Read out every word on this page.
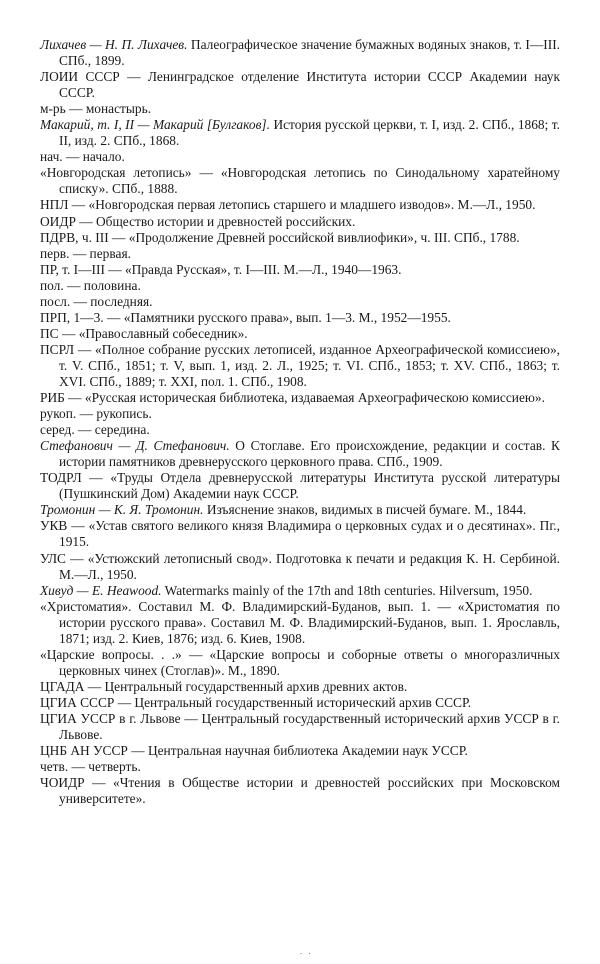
Лихачев — Н. П. Лихачев. Палеографическое значение бумажных водяных знаков, т. I—III. СПб., 1899.

ЛОИИ СССР — Ленинградское отделение Института истории СССР Академии наук СССР.

м-рь — монастырь.

Макарий, т. I, II — Макарий [Булгаков]. История русской церкви, т. I, изд. 2. СПб., 1868; т. II, изд. 2. СПб., 1868.

нач. — начало.

«Новгородская летопись» — «Новгородская летопись по Синодальному харатейному списку». СПб., 1888.

НПЛ — «Новгородская первая летопись старшего и младшего изводов». М.—Л., 1950.

ОИДР — Общество истории и древностей российских.

ПДРВ, ч. III — «Продолжение Древней российской вивлиофики», ч. III. СПб., 1788.

перв. — первая.

ПР, т. I—III — «Правда Русская», т. I—III. М.—Л., 1940—1963.

пол. — половина.

посл. — последняя.

ПРП, 1—3. — «Памятники русского права», вып. 1—3. М., 1952—1955.

ПС — «Православный собеседник».

ПСРЛ — «Полное собрание русских летописей, изданное Археографической комиссиею», т. V. СПб., 1851; т. V, вып. 1, изд. 2. Л., 1925; т. VI. СПб., 1853; т. XV. СПб., 1863; т. XVI. СПб., 1889; т. XXI, пол. 1. СПб., 1908.

РИБ — «Русская историческая библиотека, издаваемая Археографическою комиссиею».

рукоп. — рукопись.

серед. — середина.

Стефанович — Д. Стефанович. О Стоглаве. Его происхождение, редакции и состав. К истории памятников древнерусского церковного права. СПб., 1909.

ТОДРЛ — «Труды Отдела древнерусской литературы Института русской литературы (Пушкинский Дом) Академии наук СССР.

Тромонин — К. Я. Тромонин. Изъяснение знаков, видимых в писчей бумаге. М., 1844.

УКВ — «Устав святого великого князя Владимира о церковных судах и о десятинах». Пг., 1915.

УЛС — «Устюжский летописный свод». Подготовка к печати и редакция К. Н. Сербиной. М.—Л., 1950.

Хивуд — E. Heawood. Watermarks mainly of the 17th and 18th centuries. Hilversum, 1950.

«Христоматия». Составил М. Ф. Владимирский-Буданов, вып. 1. — «Христоматия по истории русского права». Составил М. Ф. Владимирский-Буданов, вып. 1. Ярославль, 1871; изд. 2. Киев, 1876; изд. 6. Киев, 1908.

«Царские вопросы. . .» — «Царские вопросы и соборные ответы о многоразличных церковных чинех (Стоглав)». М., 1890.

ЦГАДА — Центральный государственный архив древних актов.

ЦГИА СССР — Центральный государственный исторический архив СССР.

ЦГИА УССР в г. Львове — Центральный государственный исторический архив УССР в г. Львове.

ЦНБ АН УССР — Центральная научная библиотека Академии наук УССР.

четв. — четверть.

ЧОИДР — «Чтения в Обществе истории и древностей российских при Московском университете».

. .
